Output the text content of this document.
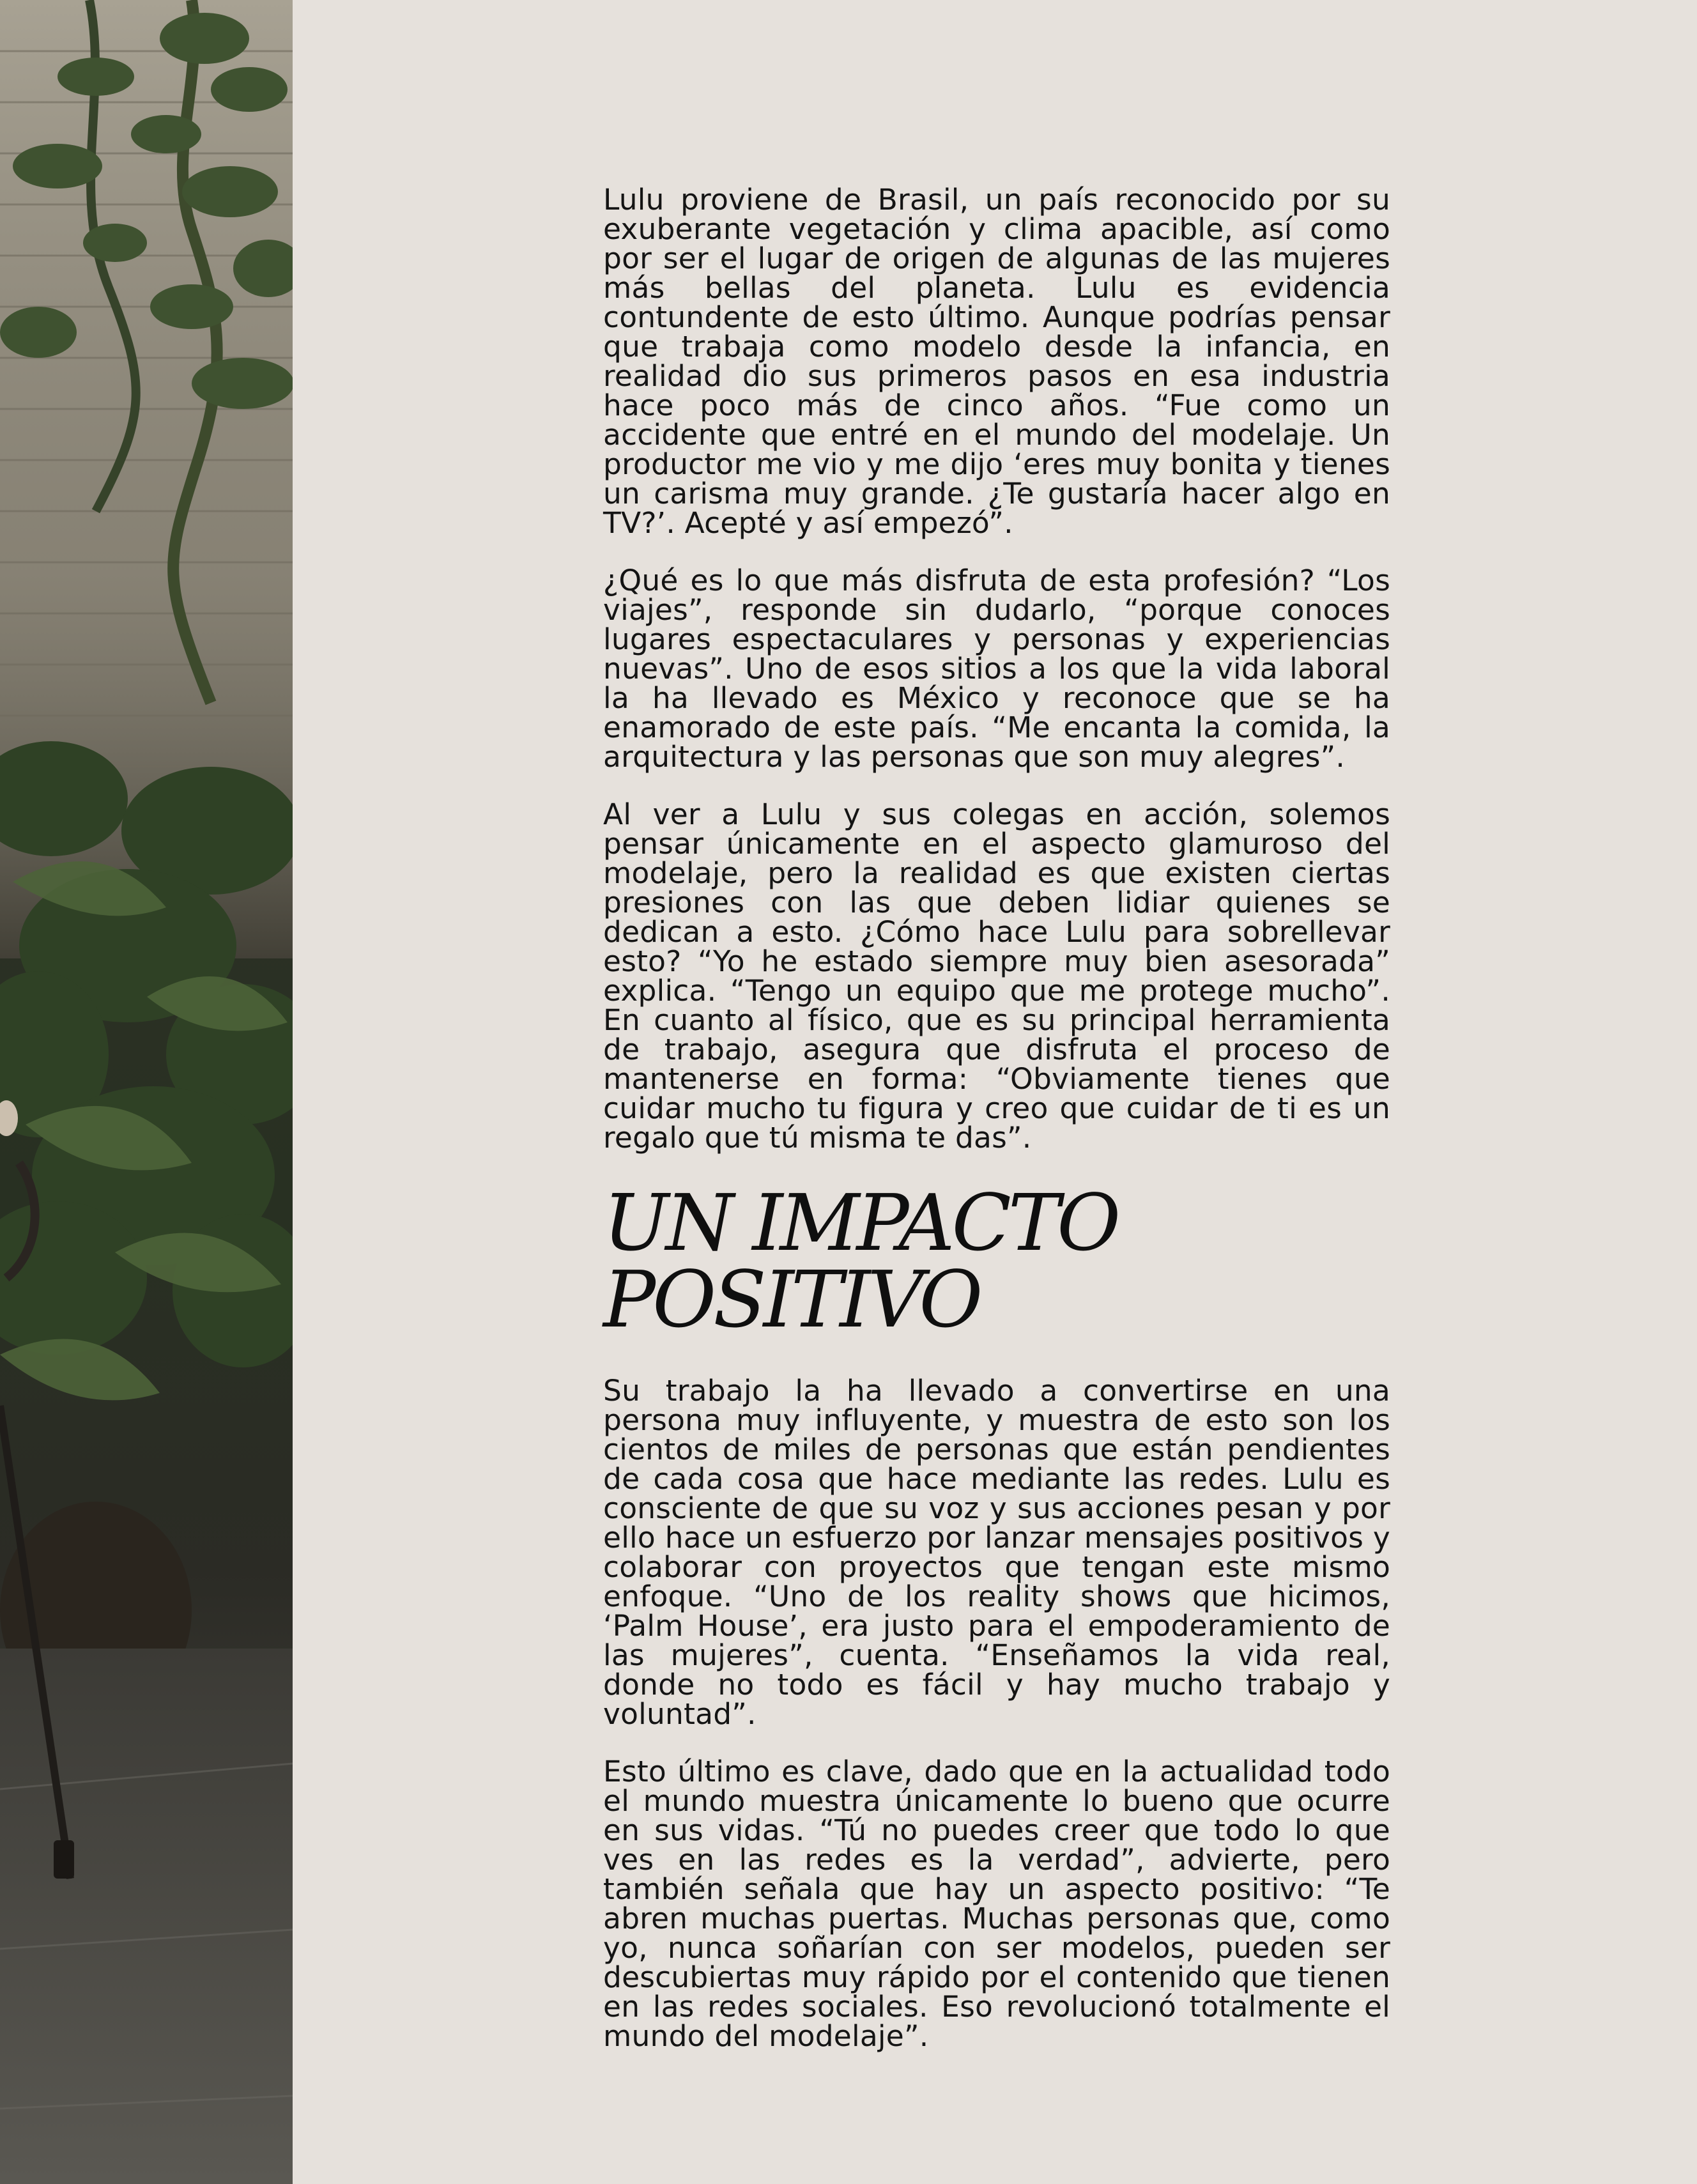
Lulu proviene de Brasil, un país reconocido por su exuberante vegetación y clima apacible, así como por ser el lugar de origen de algunas de las mujeres más bellas del planeta. Lulu es evidencia contundente de esto último. Aunque podrías pensar que trabaja como modelo desde la infancia, en realidad dio sus primeros pasos en esa industria hace poco más de cinco años. “Fue como un accidente que entré en el mundo del modelaje. Un productor me vio y me dijo ‘eres muy bonita y tienes un carisma muy grande. ¿Te gustaría hacer algo en TV?’. Acepté y así empezó”.

¿Qué es lo que más disfruta de esta profesión? “Los viajes”, responde sin dudarlo, “porque conoces lugares espectaculares y personas y experiencias nuevas”. Uno de esos sitios a los que la vida laboral la ha llevado es México y reconoce que se ha enamorado de este país. “Me encanta la comida, la arquitectura y las personas que son muy alegres”.

Al ver a Lulu y sus colegas en acción, solemos pensar únicamente en el aspecto glamuroso del modelaje, pero la realidad es que existen ciertas presiones con las que deben lidiar quienes se dedican a esto. ¿Cómo hace Lulu para sobrellevar esto? “Yo he estado siempre muy bien asesorada” explica. “Tengo un equipo que me protege mucho”. En cuanto al físico, que es su principal herramienta de trabajo, asegura que disfruta el proceso de mantenerse en forma: “Obviamente tienes que cuidar mucho tu figura y creo que cuidar de ti es un regalo que tú misma te das”.

UN IMPACTO
POSITIVO

Su trabajo la ha llevado a convertirse en una persona muy influyente, y muestra de esto son los cientos de miles de personas que están pendientes de cada cosa que hace mediante las redes. Lulu es consciente de que su voz y sus acciones pesan y por ello hace un esfuerzo por lanzar mensajes positivos y colaborar con proyectos que tengan este mismo enfoque. “Uno de los reality shows que hicimos, ‘Palm House’, era justo para el empoderamiento de las mujeres”, cuenta. “Enseñamos la vida real, donde no todo es fácil y hay mucho trabajo y voluntad”.

Esto último es clave, dado que en la actualidad todo el mundo muestra únicamente lo bueno que ocurre en sus vidas. “Tú no puedes creer que todo lo que ves en las redes es la verdad”, advierte, pero también señala que hay un aspecto positivo: “Te abren muchas puertas. Muchas personas que, como yo, nunca soñarían con ser modelos, pueden ser descubiertas muy rápido por el contenido que tienen en las redes sociales. Eso revolucionó totalmente el mundo del modelaje”.
